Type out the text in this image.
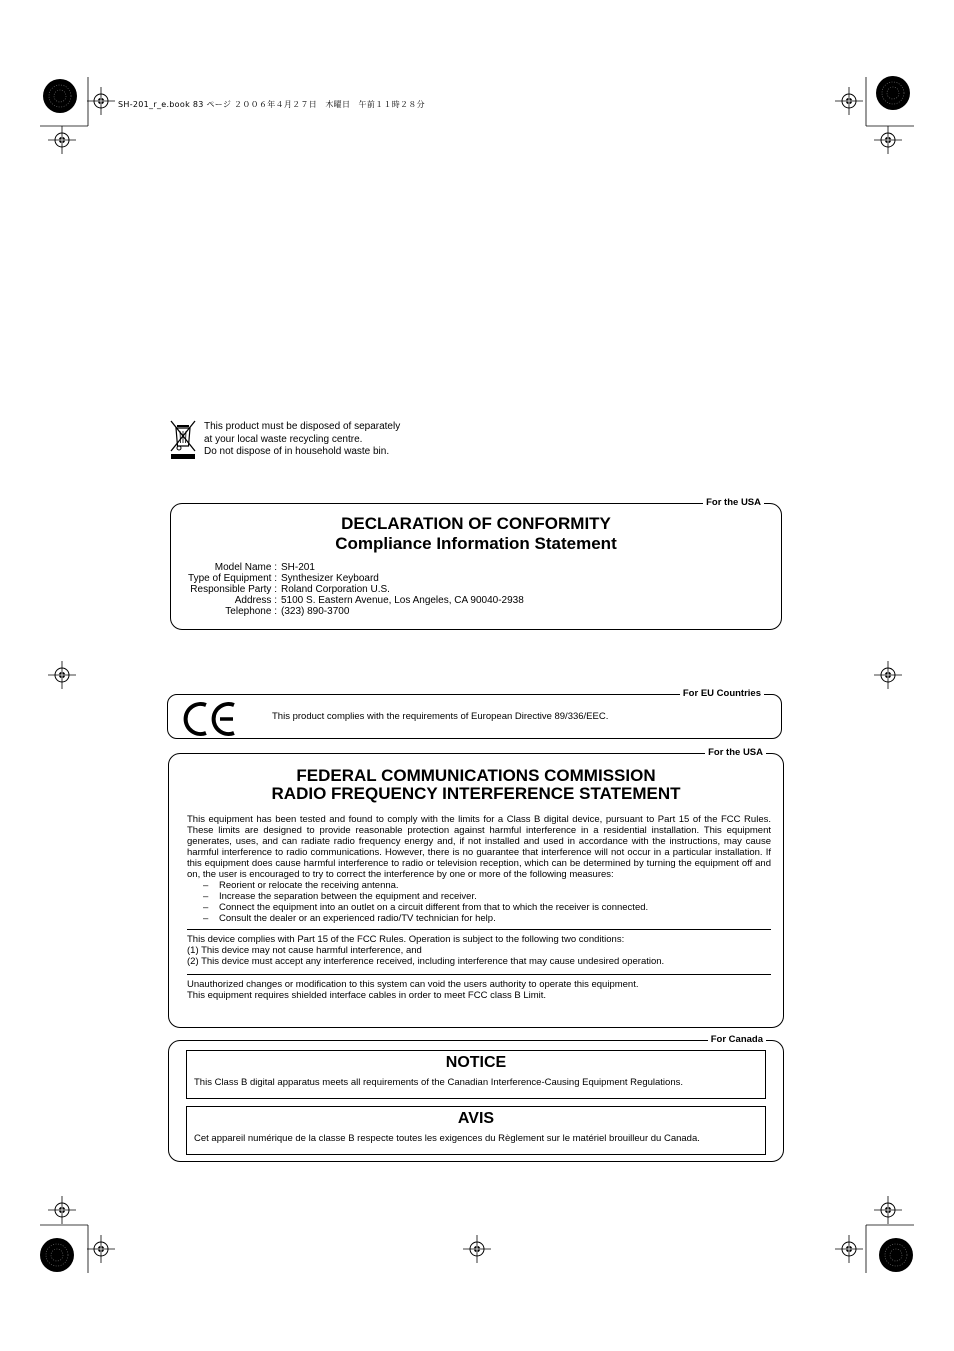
SH-201_r_e.book 83 ページ ２００６年４月２７日　木曜日　午前１１時２８分
This product must be disposed of separately
at your local waste recycling centre.
Do not dispose of in household waste bin.
For the USA
DECLARATION OF CONFORMITY
Compliance Information Statement
Model Name : SH-201
Type of Equipment : Synthesizer Keyboard
Responsible Party : Roland Corporation U.S.
Address : 5100 S. Eastern Avenue, Los Angeles, CA 90040-2938
Telephone : (323) 890-3700
For EU Countries
This product complies with the requirements of European Directive 89/336/EEC.
For the USA
FEDERAL COMMUNICATIONS COMMISSION
RADIO FREQUENCY INTERFERENCE STATEMENT

This equipment has been tested and found to comply with the limits for a Class B digital device, pursuant to Part 15 of the FCC Rules. These limits are designed to provide reasonable protection against harmful interference in a residential installation. This equipment generates, uses, and can radiate radio frequency energy and, if not installed and used in accordance with the instructions, may cause harmful interference to radio communications. However, there is no guarantee that interference will not occur in a particular installation. If this equipment does cause harmful interference to radio or television reception, which can be determined by turning the equipment off and on, the user is encouraged to try to correct the interference by one or more of the following measures:

– Reorient or relocate the receiving antenna.
– Increase the separation between the equipment and receiver.
– Connect the equipment into an outlet on a circuit different from that to which the receiver is connected.
– Consult the dealer or an experienced radio/TV technician for help.
This device complies with Part 15 of the FCC Rules. Operation is subject to the following two conditions:
(1) This device may not cause harmful interference, and
(2) This device must accept any interference received, including interference that may cause undesired operation.
Unauthorized changes or modification to this system can void the users authority to operate this equipment.
This equipment requires shielded interface cables in order to meet FCC class B Limit.
For Canada
NOTICE
This Class B digital apparatus meets all requirements of the Canadian Interference-Causing Equipment Regulations.
AVIS
Cet appareil numérique de la classe B respecte toutes les exigences du Règlement sur le matériel brouilleur du Canada.
